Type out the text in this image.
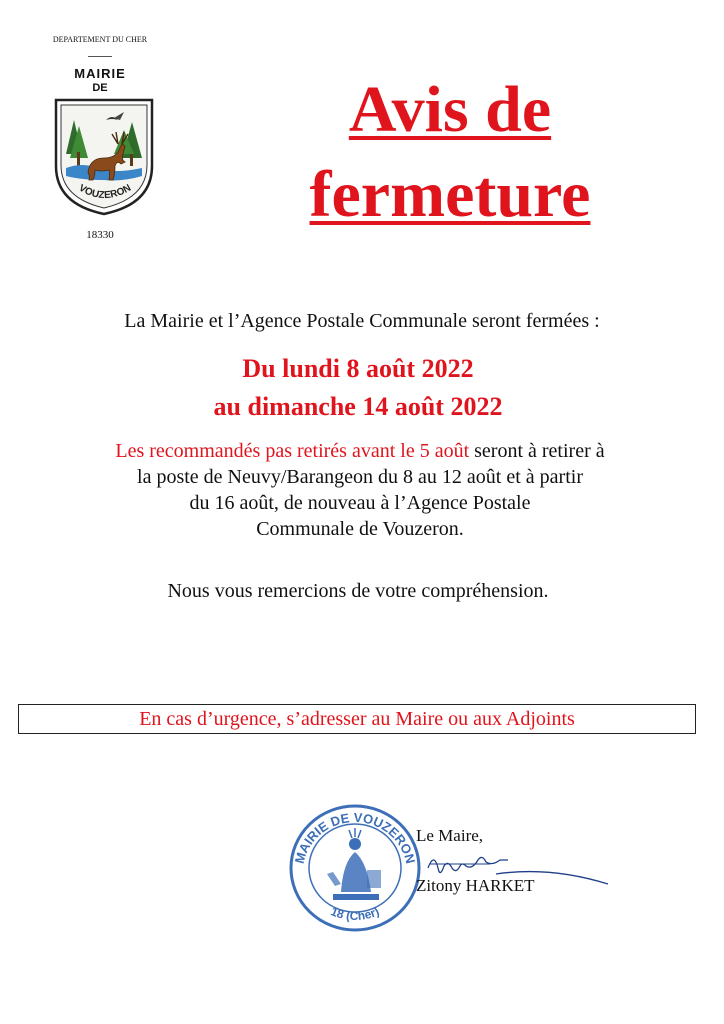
DEPARTEMENT DU CHER
MAIRIE
DE
VOUZERON
18330
Avis de
fermeture
La Mairie et l’Agence Postale Communale seront fermées :
Du lundi 8 août 2022
au dimanche 14 août 2022
Les recommandés pas retirés avant le 5 août seront à retirer à
la poste de Neuvy/Barangeon du 8 au 12 août et à partir
du 16 août, de nouveau à l’Agence Postale
Communale de Vouzeron.
Nous vous remercions de votre compréhension.
En cas d’urgence, s’adresser au Maire ou aux Adjoints
MAIRIE DE VOUZERON
18 (Cher)
Le Maire,
Zitony HARKET
